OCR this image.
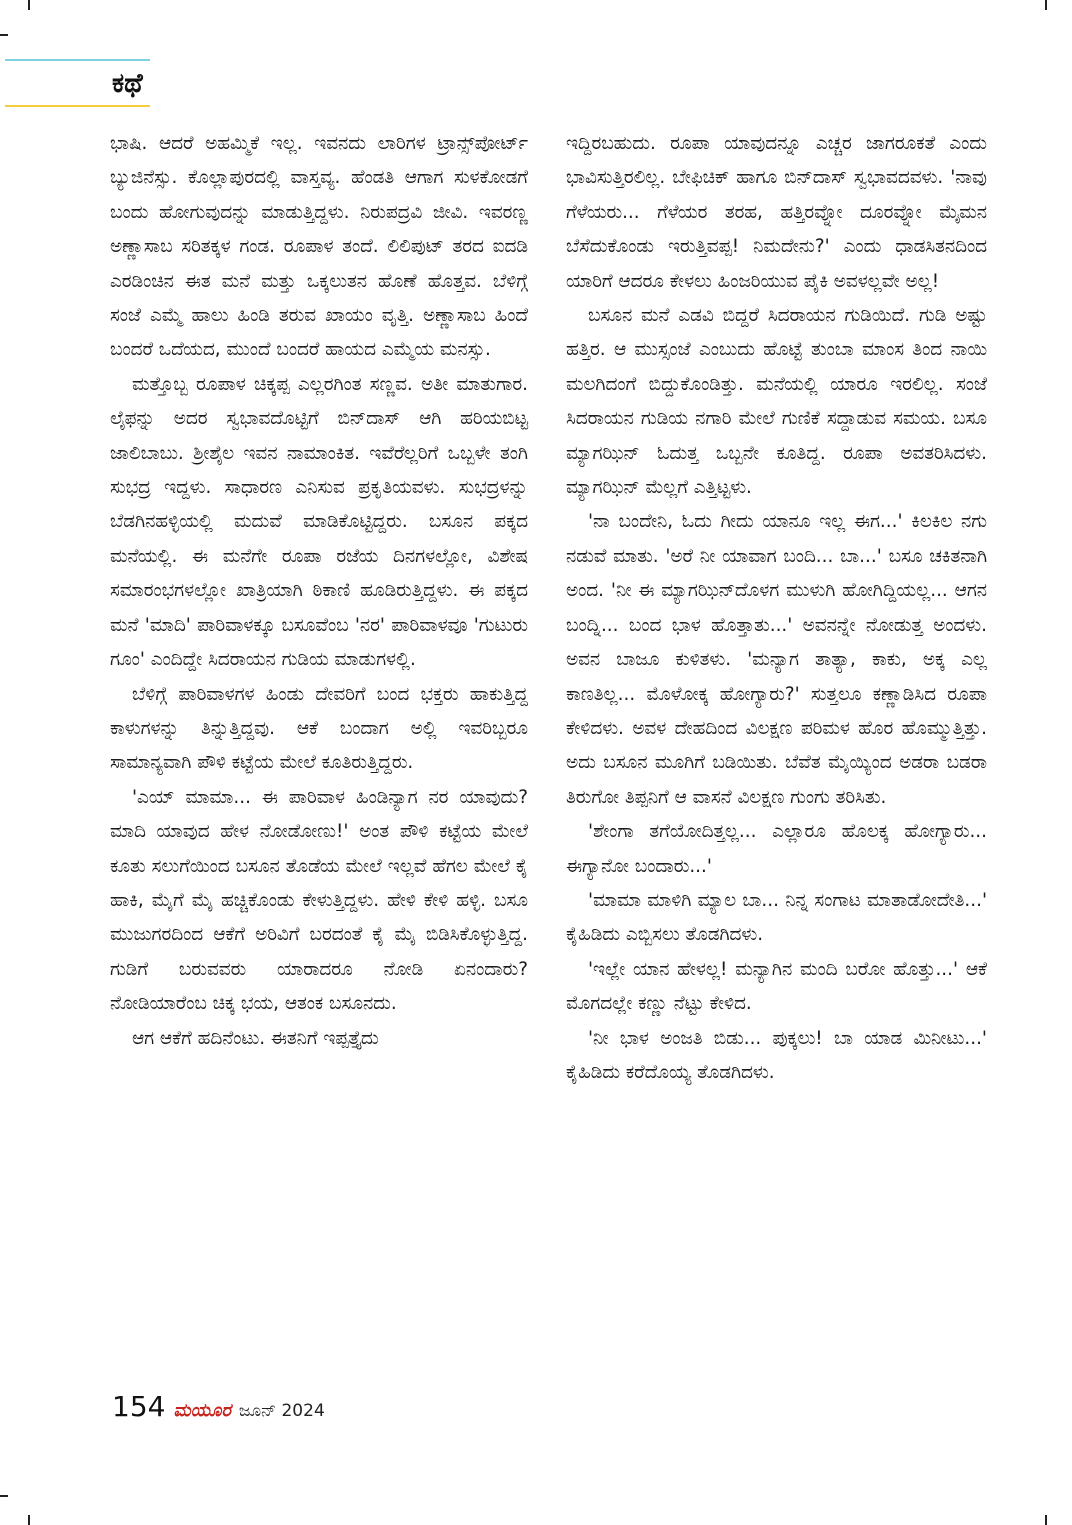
ಕಥೆ

ಭಾಷಿ. ಆದರೆ ಅಹಮ್ಮಿಕೆ ಇಲ್ಲ. ಇವನದು ಲಾರಿಗಳ ಟ್ರಾನ್ಸ್‌ಪೋರ್ಟ್ ಬ್ಯುಜಿನೆಸ್ಸು. ಕೊಲ್ಲಾಪುರದಲ್ಲಿ ವಾಸ್ತವ್ಯ. ಹೆಂಡತಿ ಆಗಾಗ ಸುಳಕೋಡಗೆ ಬಂದು ಹೋಗುವುದನ್ನು ಮಾಡುತ್ತಿದ್ದಳು. ನಿರುಪದ್ರವಿ ಜೀವಿ. ಇವರಣ್ಣ ಅಣ್ಣಾಸಾಬ ಸರಿತಕ್ಕಳ ಗಂಡ. ರೂಪಾಳ ತಂದೆ. ಲಿಲಿಪುಟ್ ತರದ ಐದಡಿ ಎರಡಿಂಚಿನ ಈತ ಮನೆ ಮತ್ತು ಒಕ್ಕಲುತನ ಹೊಣೆ ಹೊತ್ತವ. ಬೆಳಿಗ್ಗೆ ಸಂಜೆ ಎಮ್ಮೆ ಹಾಲು ಹಿಂಡಿ ತರುವ ಖಾಯಂ ವೃತ್ತಿ. ಅಣ್ಣಾಸಾಬ ಹಿಂದೆ ಬಂದರೆ ಒದೆಯದ, ಮುಂದೆ ಬಂದರೆ ಹಾಯದ ಎಮ್ಮೆಯ ಮನಸ್ಸು.

ಮತ್ತೊಬ್ಬ ರೂಪಾಳ ಚಿಕ್ಕಪ್ಪ ಎಲ್ಲರಗಿಂತ ಸಣ್ಣವ. ಅತೀ ಮಾತುಗಾರ. ಲೈಫನ್ನು ಅದರ ಸ್ವಭಾವದೊಟ್ಟಿಗೆ ಬಿನ್‌ದಾಸ್ ಆಗಿ ಹರಿಯಬಿಟ್ಟ ಜಾಲಿಬಾಬು. ಶ್ರೀಶೈಲ ಇವನ ನಾಮಾಂಕಿತ. ಇವೆರೆಲ್ಲರಿಗೆ ಒಬ್ಬಳೇ ತಂಗಿ ಸುಭದ್ರ ಇದ್ದಳು. ಸಾಧಾರಣ ಎನಿಸುವ ಪ್ರಕೃತಿಯವಳು. ಸುಭದ್ರಳನ್ನು ಬೆಡಗಿನಹಳ್ಳಿಯಲ್ಲಿ ಮದುವೆ ಮಾಡಿಕೊಟ್ಟಿದ್ದರು. ಬಸೂನ ಪಕ್ಕದ ಮನೆಯಲ್ಲಿ. ಈ ಮನೆಗೇ ರೂಪಾ ರಜೆಯ ದಿನಗಳಲ್ಲೋ, ವಿಶೇಷ ಸಮಾರಂಭಗಳಲ್ಲೋ ಖಾತ್ರಿಯಾಗಿ ಠಿಕಾಣಿ ಹೂಡಿರುತ್ತಿದ್ದಳು. ಈ ಪಕ್ಕದ ಮನೆ 'ಮಾದಿ' ಪಾರಿವಾಳಕ್ಕೂ ಬಸೂವೆಂಬ 'ನರ' ಪಾರಿವಾಳವೂ 'ಗುಟುರು ಗೂಂ' ಎಂದಿದ್ದೇ ಸಿದರಾಯನ ಗುಡಿಯ ಮಾಡುಗಳಲ್ಲಿ.

ಬೆಳಿಗ್ಗೆ ಪಾರಿವಾಳಗಳ ಹಿಂಡು ದೇವರಿಗೆ ಬಂದ ಭಕ್ತರು ಹಾಕುತ್ತಿದ್ದ ಕಾಳುಗಳನ್ನು ತಿನ್ನುತ್ತಿದ್ದವು. ಆಕೆ ಬಂದಾಗ ಅಲ್ಲಿ ಇವರಿಬ್ಬರೂ ಸಾಮಾನ್ಯವಾಗಿ ಪೌಳಿ ಕಟ್ಟೆಯ ಮೇಲೆ ಕೂತಿರುತ್ತಿದ್ದರು.

'ಎಯ್ ಮಾಮಾ... ಈ ಪಾರಿವಾಳ ಹಿಂಡಿನ್ಯಾಗ ನರ ಯಾವುದು? ಮಾದಿ ಯಾವುದ ಹೇಳ ನೋಡೋಣು!' ಅಂತ ಪೌಳಿ ಕಟ್ಟೆಯ ಮೇಲೆ ಕೂತು ಸಲುಗೆಯಿಂದ ಬಸೂನ ತೊಡೆಯ ಮೇಲೆ ಇಲ್ಲವೆ ಹೆಗಲ ಮೇಲೆ ಕೈ ಹಾಕಿ, ಮೈಗೆ ಮೈ ಹಚ್ಚಿಕೊಂಡು ಕೇಳುತ್ತಿದ್ದಳು. ಹೇಳಿ ಕೇಳಿ ಹಳ್ಳಿ. ಬಸೂ ಮುಜುಗರದಿಂದ ಆಕೆಗೆ ಅರಿವಿಗೆ ಬರದಂತೆ ಕೈ ಮೈ ಬಿಡಿಸಿಕೊಳ್ಳುತ್ತಿದ್ದ. ಗುಡಿಗೆ ಬರುವವರು ಯಾರಾದರೂ ನೋಡಿ ಏನಂದಾರು? ನೋಡಿಯಾರೆಂಬ ಚಿಕ್ಕ ಭಯ, ಆತಂಕ ಬಸೂನದು.

ಆಗ ಆಕೆಗೆ ಹದಿನೆಂಟು. ಈತನಿಗೆ ಇಪ್ಪತ್ತೈದು

ಇದ್ದಿರಬಹುದು. ರೂಪಾ ಯಾವುದನ್ನೂ ಎಚ್ಚರ ಜಾಗರೂಕತೆ ಎಂದು ಭಾವಿಸುತ್ತಿರಲಿಲ್ಲ. ಬೇಫಿಚಿಕ್ ಹಾಗೂ ಬಿನ್‌ದಾಸ್ ಸ್ವಭಾವದವಳು. 'ನಾವು ಗೆಳೆಯರು... ಗೆಳೆಯರ ತರಹ, ಹತ್ತಿರವ್ನೋ ದೂರವ್ನೋ ಮೈಮನ ಬೆಸೆದುಕೊಂಡು ಇರುತ್ತಿವಪ್ಪ! ನಿಮದೇನು?' ಎಂದು ಧಾಡಸಿತನದಿಂದ ಯಾರಿಗೆ ಆದರೂ ಕೇಳಲು ಹಿಂಜರಿಯುವ ಪೈಕಿ ಅವಳಲ್ಲವೇ ಅಲ್ಲ!

ಬಸೂನ ಮನೆ ಎಡವಿ ಬಿದ್ದರೆ ಸಿದರಾಯನ ಗುಡಿಯಿದೆ. ಗುಡಿ ಅಷ್ಟು ಹತ್ತಿರ. ಆ ಮುಸ್ಸಂಜೆ ಎಂಬುದು ಹೊಟ್ಟೆ ತುಂಬಾ ಮಾಂಸ ತಿಂದ ನಾಯಿ ಮಲಗಿದಂಗೆ ಬಿದ್ದುಕೊಂಡಿತ್ತು. ಮನೆಯಲ್ಲಿ ಯಾರೂ ಇರಲಿಲ್ಲ. ಸಂಜೆ ಸಿದರಾಯನ ಗುಡಿಯ ನಗಾರಿ ಮೇಲೆ ಗುಣಿಕೆ ಸದ್ದಾಡುವ ಸಮಯ. ಬಸೂ ಮ್ಯಾಗಝಿನ್ ಓದುತ್ತ ಒಬ್ಬನೇ ಕೂತಿದ್ದ. ರೂಪಾ ಅವತರಿಸಿದಳು. ಮ್ಯಾಗಝಿನ್ ಮೆಲ್ಲಗೆ ಎತ್ತಿಟ್ಟಳು.

'ನಾ ಬಂದೇನಿ, ಓದು ಗೀದು ಯಾನೂ ಇಲ್ಲ ಈಗ...' ಕಿಲಕಿಲ ನಗು ನಡುವೆ ಮಾತು. 'ಅರೆ ನೀ ಯಾವಾಗ ಬಂದಿ... ಬಾ...' ಬಸೂ ಚಕಿತನಾಗಿ ಅಂದ. 'ನೀ ಈ ಮ್ಯಾಗಝಿನ್‌ದೊಳಗ ಮುಳುಗಿ ಹೋಗಿದ್ದಿಯಲ್ಲ... ಆಗನ ಬಂದ್ನಿ... ಬಂದ ಭಾಳ ಹೊತ್ತಾತು...' ಅವನನ್ನೇ ನೋಡುತ್ತ ಅಂದಳು. ಅವನ ಬಾಜೂ ಕುಳಿತಳು. 'ಮನ್ಯಾಗ ತಾತ್ಯಾ, ಕಾಕು, ಅಕ್ಕ ಎಲ್ಲ ಕಾಣತಿಲ್ಲ... ಮೊಳೋಕ್ಕ ಹೋಗ್ಯಾರು?' ಸುತ್ತಲೂ ಕಣ್ಣಾಡಿಸಿದ ರೂಪಾ ಕೇಳಿದಳು. ಅವಳ ದೇಹದಿಂದ ವಿಲಕ್ಷಣ ಪರಿಮಳ ಹೊರ ಹೊಮ್ಮುತ್ತಿತ್ತು. ಅದು ಬಸೂನ ಮೂಗಿಗೆ ಬಡಿಯಿತು. ಬೆವೆತ ಮೈಯ್ಯಿಂದ ಅಡರಾ ಬಡರಾ ತಿರುಗೋ ತಿಪ್ಪನಿಗೆ ಆ ವಾಸನೆ ವಿಲಕ್ಷಣ ಗುಂಗು ತರಿಸಿತು.

'ಶೇಂಗಾ ತಗೆಯೋದಿತ್ತಲ್ಲ... ಎಲ್ಲಾರೂ ಹೊಲಕ್ಕ ಹೋಗ್ಯಾರು... ಈಗ್ಯಾನೋ ಬಂದಾರು...'

'ಮಾಮಾ ಮಾಳಿಗಿ ಮ್ಯಾಲ ಬಾ... ನಿನ್ನ ಸಂಗಾಟ ಮಾತಾಡೋದೇತಿ...' ಕೈಹಿಡಿದು ಎಬ್ಬಿಸಲು ತೊಡಗಿದಳು.

'ಇಲ್ಲೇ ಯಾನ ಹೇಳಲ್ಲ! ಮನ್ಯಾಗಿನ ಮಂದಿ ಬರೋ ಹೊತ್ತು...' ಆಕೆ ಮೊಗದಲ್ಲೇ ಕಣ್ಣು ನೆಟ್ಟು ಕೇಳಿದ.

'ನೀ ಭಾಳ ಅಂಜತಿ ಬಿಡು... ಪುಕ್ಕಲು! ಬಾ ಯಾಡ ಮಿನೀಟು...' ಕೈಹಿಡಿದು ಕರೆದೊಯ್ಯ ತೊಡಗಿದಳು.

154 ಮಯೂರ ಜೂನ್ 2024
